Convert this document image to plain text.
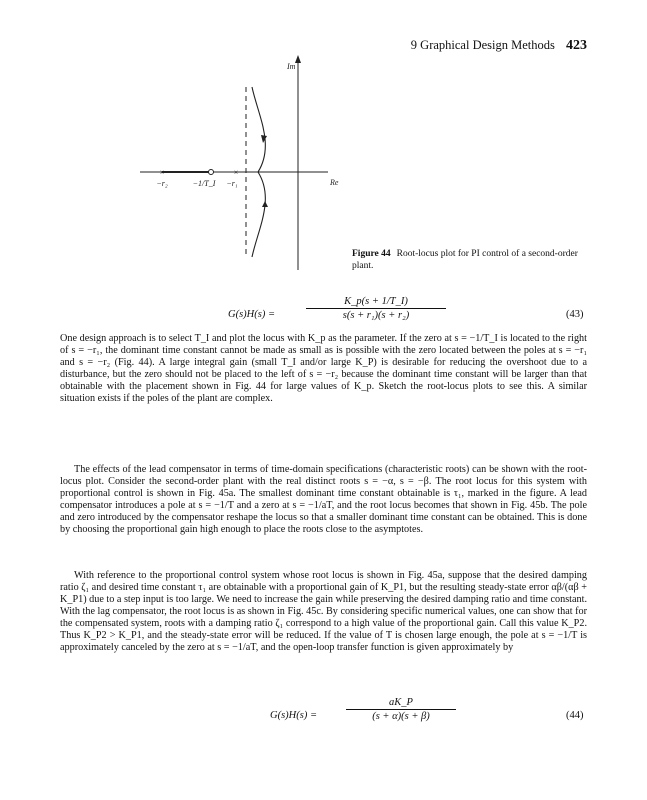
9 Graphical Design Methods 423
×	×
Im
Re
−r₂	−1/T_I −r₁
Figure 44 Root-locus plot for PI control of a second-order plant.
G(s)H(s) =
K_p(s + 1/T_I)
s(s + r₁)(s + r₂)	(43)

One design approach is to select T_I and plot the locus with K_p as the parameter. If the zero at s = −1/T_I is located to the right of s = −r₁, the dominant time constant cannot be made as small as is possible with the zero located between the poles at s = −r₁ and s = −r₂ (Fig. 44). A large integral gain (small T_I and/or large K_P) is desirable for reducing the overshoot due to a disturbance, but the zero should not be placed to the left of s = −r₂ because the dominant time constant will be larger than that obtainable with the placement shown in Fig. 44 for large values of K_p. Sketch the root-locus plots to see this. A similar situation exists if the poles of the plant are complex.

The effects of the lead compensator in terms of time-domain specifications (characteristic roots) can be shown with the root-locus plot. Consider the second-order plant with the real distinct roots s = −α, s = −β. The root locus for this system with proportional control is shown in Fig. 45a. The smallest dominant time constant obtainable is τ₁, marked in the figure. A lead compensator introduces a pole at s = −1/T and a zero at s = −1/aT, and the root locus becomes that shown in Fig. 45b. The pole and zero introduced by the compensator reshape the locus so that a smaller dominant time constant can be obtained. This is done by choosing the proportional gain high enough to place the roots close to the asymptotes.

With reference to the proportional control system whose root locus is shown in Fig. 45a, suppose that the desired damping ratio ζ₁ and desired time constant τ₁ are obtainable with a proportional gain of K_P1, but the resulting steady-state error αβ/(αβ + K_P1) due to a step input is too large. We need to increase the gain while preserving the desired damping ratio and time constant. With the lag compensator, the root locus is as shown in Fig. 45c. By considering specific numerical values, one can show that for the compensated system, roots with a damping ratio ζ₁ correspond to a high value of the proportional gain. Call this value K_P2. Thus K_P2 > K_P1, and the steady-state error will be reduced. If the value of T is chosen large enough, the pole at s = −1/T is approximately canceled by the zero at s = −1/aT, and the open-loop transfer function is given approximately by

G(s)H(s) =
aK_P
(s + α)(s + β)	(44)
